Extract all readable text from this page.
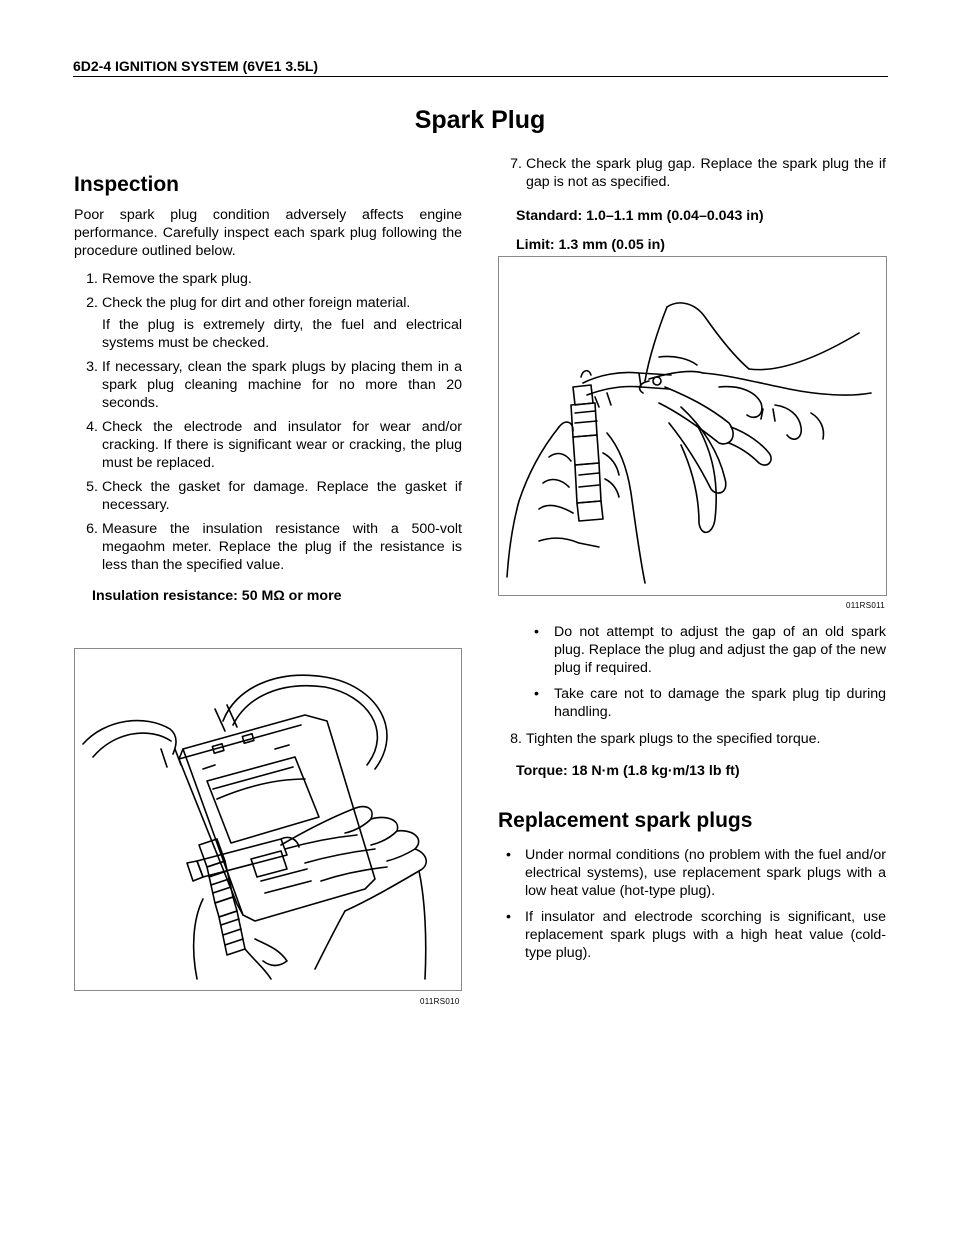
6D2-4 IGNITION SYSTEM (6VE1 3.5L)
Spark Plug
Inspection

Poor spark plug condition adversely affects engine performance. Carefully inspect each spark plug following the procedure outlined below.

1. Remove the spark plug.
2. Check the plug for dirt and other foreign material.
If the plug is extremely dirty, the fuel and electrical systems must be checked.
3. If necessary, clean the spark plugs by placing them in a spark plug cleaning machine for no more than 20 seconds.
4. Check the electrode and insulator for wear and/or cracking. If there is significant wear or cracking, the plug must be replaced.
5. Check the gasket for damage. Replace the gasket if necessary.
6. Measure the insulation resistance with a 500-volt megaohm meter. Replace the plug if the resistance is less than the specified value.
Insulation resistance: 50 MΩ or more
011RS010
7. Check the spark plug gap. Replace the spark plug the if gap is not as specified.
Standard: 1.0–1.1 mm (0.04–0.043 in)
Limit: 1.3 mm (0.05 in)
011RS011
•	Do not attempt to adjust the gap of an old spark plug. Replace the plug and adjust the gap of the new plug if required.
•	Take care not to damage the spark plug tip during handling.
8. Tighten the spark plugs to the specified torque.
Torque: 18 N·m (1.8 kg·m/13 lb ft)
Replacement spark plugs
• Under normal conditions (no problem with the fuel and/or electrical systems), use replacement spark plugs with a low heat value (hot-type plug).
• If insulator and electrode scorching is significant, use replacement spark plugs with a high heat value (cold-type plug).
